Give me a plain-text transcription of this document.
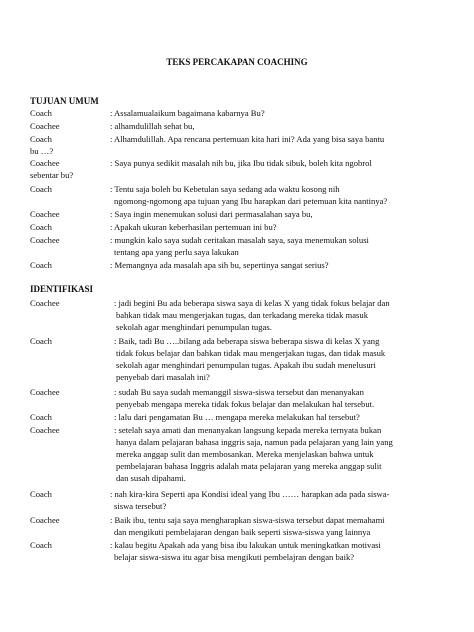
TEKS PERCAKAPAN COACHING
TUJUAN UMUM
Coach	: Assalamualaikum bagaimana kabarnya Bu?
Coachee	: alhamdulillah sehat bu,
Coach	: Alhamdulillah. Apa rencana pertemuan kita hari ini? Ada yang bisa saya bantu
bu …?
Coachee	: Saya punya sedikit masalah nih bu, jika Ibu tidak sibuk, boleh kita ngobrol
sebentar bu?
Coach	: Tentu saja boleh bu Kebetulan saya sedang ada waktu kosong nih
ngomong-ngomong apa tujuan yang Ibu harapkan dari petemuan kita nantinya?
Coachee	: Saya ingin menemukan solusi dari permasalahan saya bu,
Coach	: Apakah ukuran keberhasilan pertemuan ini bu?
Coachee	: mungkin kalo saya sudah ceritakan masalah saya, saya menemukan solusi
tentang apa yang perlu saya lakukan
Coach	: Memangnya ada masalah apa sih bu, sepertinya sangat serius?
IDENTIFIKASI
Coachee	: jadi begini Bu ada beberapa siswa saya di kelas X yang tidak fokus belajar dan
bahkan tidak mau mengerjakan tugas, dan terkadang mereka tidak masuk
sekolah agar menghindari penumpulan tugas.
Coach	: Baik, tadi Bu …..bilang ada beberapa siswa beberapa siswa di kelas X yang
tidak fokus belajar dan bahkan tidak mau mengerjakan tugas, dan tidak masuk
sekolah agar menghindari penumpulan tugas. Apakah ibu sudah menelusuri
penyebab dari masalah ini?
Coachee	: sudah Bu saya sudah memanggil siswa-siswa tersebut dan menanyakan
penyebab mengapa mereka tidak fokus belajar dan melakukan hal tersebut.
Coach	: lalu dari pengamatan Bu … mengapa mereka melakukan hal tersebut?
Coachee	: setelah saya amati dan menanyakan langsung kepada mereka ternyata bukan
hanya dalam pelajaran bahasa inggris saja, namun pada pelajaran yang lain yang
mereka anggap sulit dan membosankan. Mereka menjelaskan bahwa untuk
pembelajaran bahasa Inggris adalah mata pelajaran yang mereka anggap sulit
dan susah dipahami.
Coach	: nah kira-kira Seperti apa Kondisi ideal yang Ibu …… harapkan ada pada siswa-
siswa tersebut?
Coachee	: Baik ibu, tentu saja saya mengharapkan siswa-siswa tersebut dapat memahami
dan mengikuti pembelajaran dengan baik seperti siswa-siswa yang lainnya
Coach	: kalau begitu Apakah ada yang bisa ibu lakukan untuk meningkatkan motivasi
belajar siswa-siswa itu agar bisa mengikuti pembelajran dengan baik?
